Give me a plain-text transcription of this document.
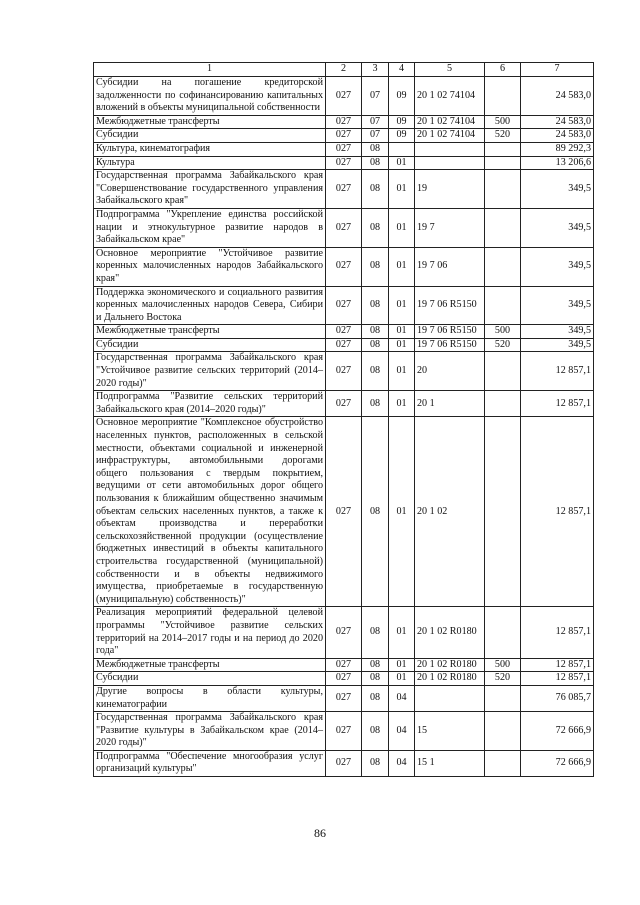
1	2	3	4	5	6	7
Субсидии на погашение кредиторской задолженности по софинансированию капитальных вложений в объекты муниципальной собственности	027	07	09	20 1 02 74104		24 583,0
Межбюджетные трансферты	027	07	09	20 1 02 74104	500	24 583,0
Субсидии	027	07	09	20 1 02 74104	520	24 583,0
Культура, кинематография	027	08				89 292,3
Культура	027	08	01			13 206,6
Государственная программа Забайкальского края "Совершенствование государственного управления Забайкальского края"	027	08	01	19		349,5
Подпрограмма "Укрепление единства российской нации и этнокультурное развитие народов в Забайкальском крае"	027	08	01	19 7		349,5
Основное мероприятие "Устойчивое развитие коренных малочисленных народов Забайкальского края"	027	08	01	19 7 06		349,5
Поддержка экономического и социального развития коренных малочисленных народов Севера, Сибири и Дальнего Востока	027	08	01	19 7 06 R5150		349,5
Межбюджетные трансферты	027	08	01	19 7 06 R5150	500	349,5
Субсидии	027	08	01	19 7 06 R5150	520	349,5
Государственная программа Забайкальского края "Устойчивое развитие сельских территорий (2014–2020 годы)"	027	08	01	20		12 857,1
Подпрограмма "Развитие сельских территорий Забайкальского края (2014–2020 годы)"	027	08	01	20 1		12 857,1
Основное мероприятие "Комплексное обустройство населенных пунктов, расположенных в сельской местности, объектами социальной и инженерной инфраструктуры, автомобильными дорогами общего пользования с твердым покрытием, ведущими от сети автомобильных дорог общего пользования к ближайшим общественно значимым объектам сельских населенных пунктов, а также к объектам производства и переработки сельскохозяйственной продукции (осуществление бюджетных инвестиций в объекты капитального строительства государственной (муниципальной) собственности и в объекты недвижимого имущества, приобретаемые в государственную (муниципальную) собственность)"	027	08	01	20 1 02		12 857,1
Реализация мероприятий федеральной целевой программы "Устойчивое развитие сельских территорий на 2014–2017 годы и на период до 2020 года"	027	08	01	20 1 02 R0180		12 857,1
Межбюджетные трансферты	027	08	01	20 1 02 R0180	500	12 857,1
Субсидии	027	08	01	20 1 02 R0180	520	12 857,1
Другие вопросы в области культуры, кинематографии	027	08	04			76 085,7
Государственная программа Забайкальского края "Развитие культуры в Забайкальском крае (2014–2020 годы)"	027	08	04	15		72 666,9
Подпрограмма "Обеспечение многообразия услуг организаций культуры"	027	08	04	15 1		72 666,9
86
